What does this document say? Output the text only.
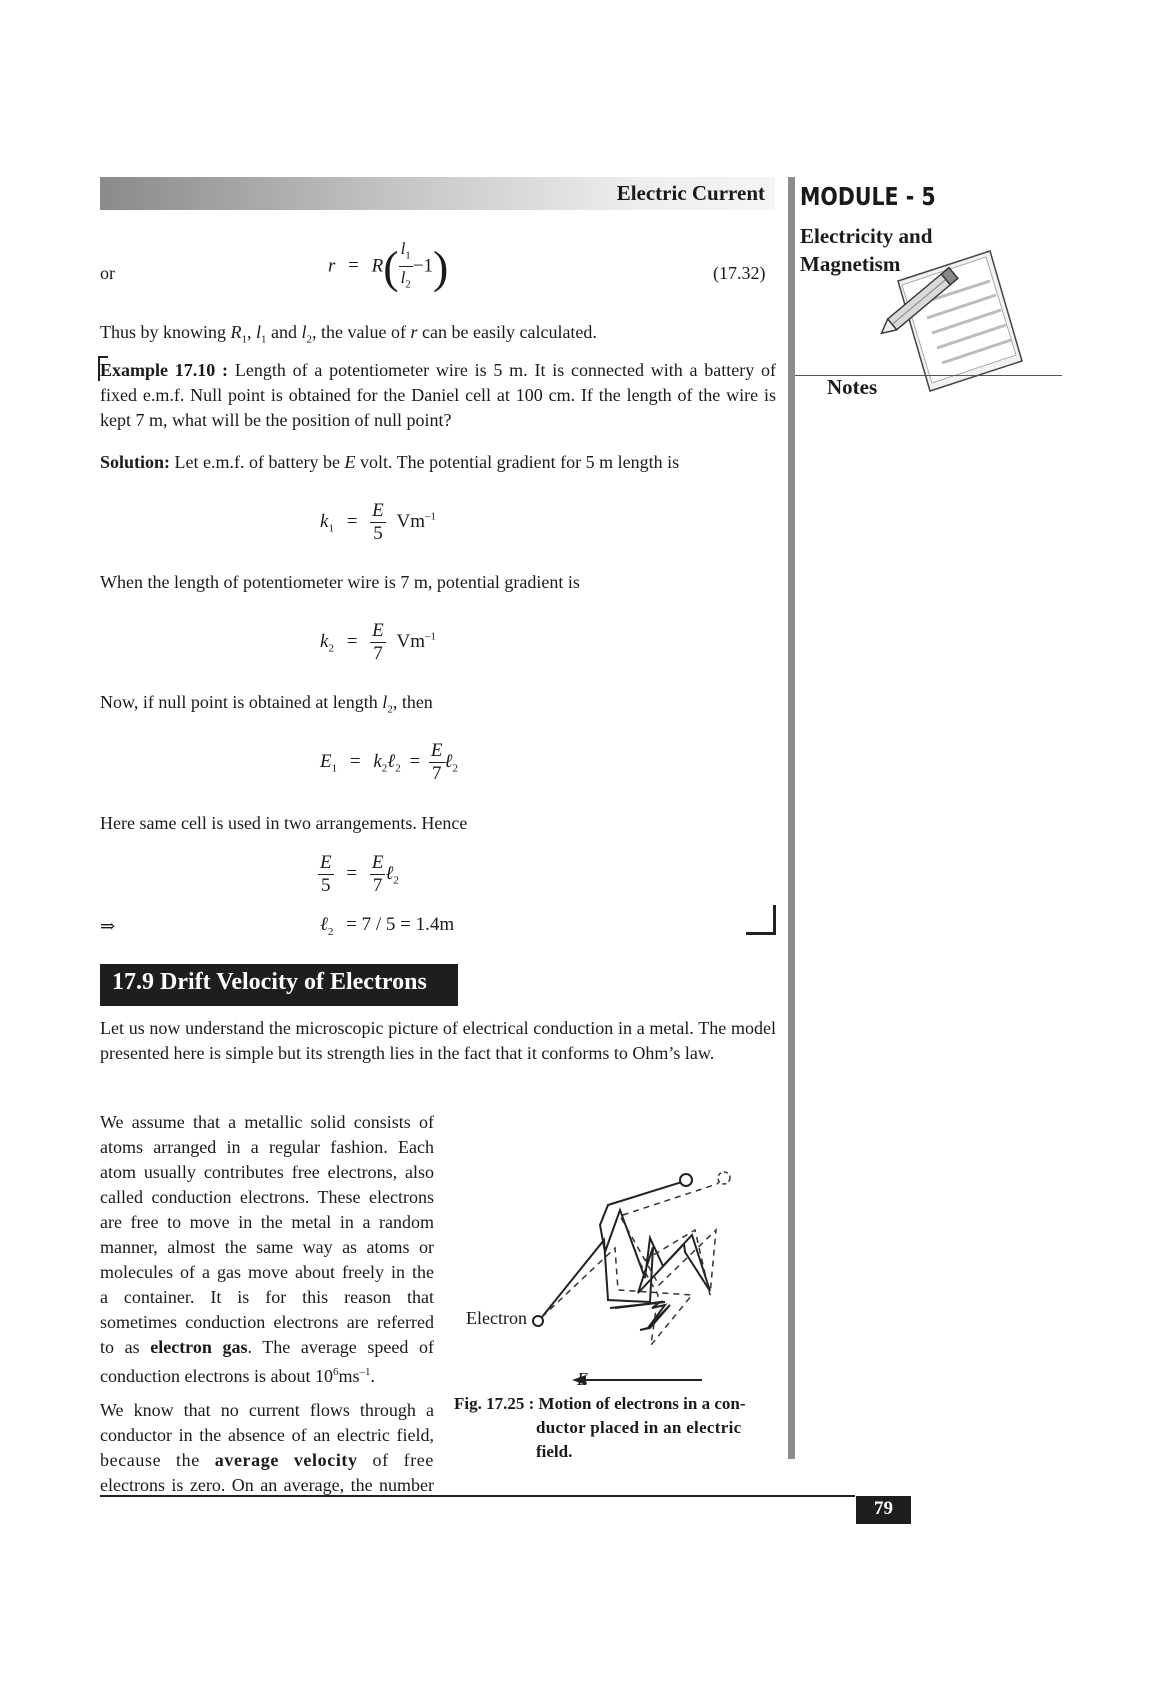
Electric Current MODULE - 5
Electricity and
Magnetism
Notes
or	$r = R( \frac{l_1}{l_2} -1)$	(17.32)
Thus by knowing $R_1$, $l_1$ and $l_2$, the value of r can be easily calculated.
Example 17.10 : Length of a potentiometer wire is 5 m. It is connected with a battery of fixed e.m.f. Null point is obtained for the Daniel cell at 100 cm. If the length of the wire is kept 7 m, what will be the position of null point?
Solution: Let e.m.f. of battery be E volt. The potential gradient for 5 m length is
$k_1 = \frac{E}{5} Vm^{-1}$
When the length of potentiometer wire is 7 m, potential gradient is
$k_2 = \frac{E}{7} Vm^{-1}$
Now, if null point is obtained at length $l_2$, then
$E_1$ = $k_2\ell_2 = \frac{E}{7}$ ℓ$_2$
Here same cell is used in two arrangements. Hence
$\frac{E}{5} = \frac{E}{7}$ ℓ$_2$
⇒	ℓ$_2$ = 7 / 5 = 1.4m
17.9 Drift Velocity of Electrons
Let us now understand the microscopic picture of electrical conduction in a metal. The model presented here is simple but its strength lies in the fact that it conforms to Ohm’s law.
We assume that a metallic solid consists of
atoms arranged in a regular fashion. Each
atom usually contributes free electrons, also
called conduction electrons. These electrons
are free to move in the metal in a random
manner, almost the same way as atoms or
molecules of a gas move about freely in the
a container. It is for this reason that
sometimes conduction electrons are referred
to as electron gas. The average speed of
conduction electrons is about $10^6ms^{-1}$.
We know that no current flows through a
conductor in the absence of an electric field,
because the average velocity of free
electrons is zero. On an average, the number
Electron
E
Fig. 17.25 : Motion of electrons in a con-
ductor placed in an electric
field.
79
